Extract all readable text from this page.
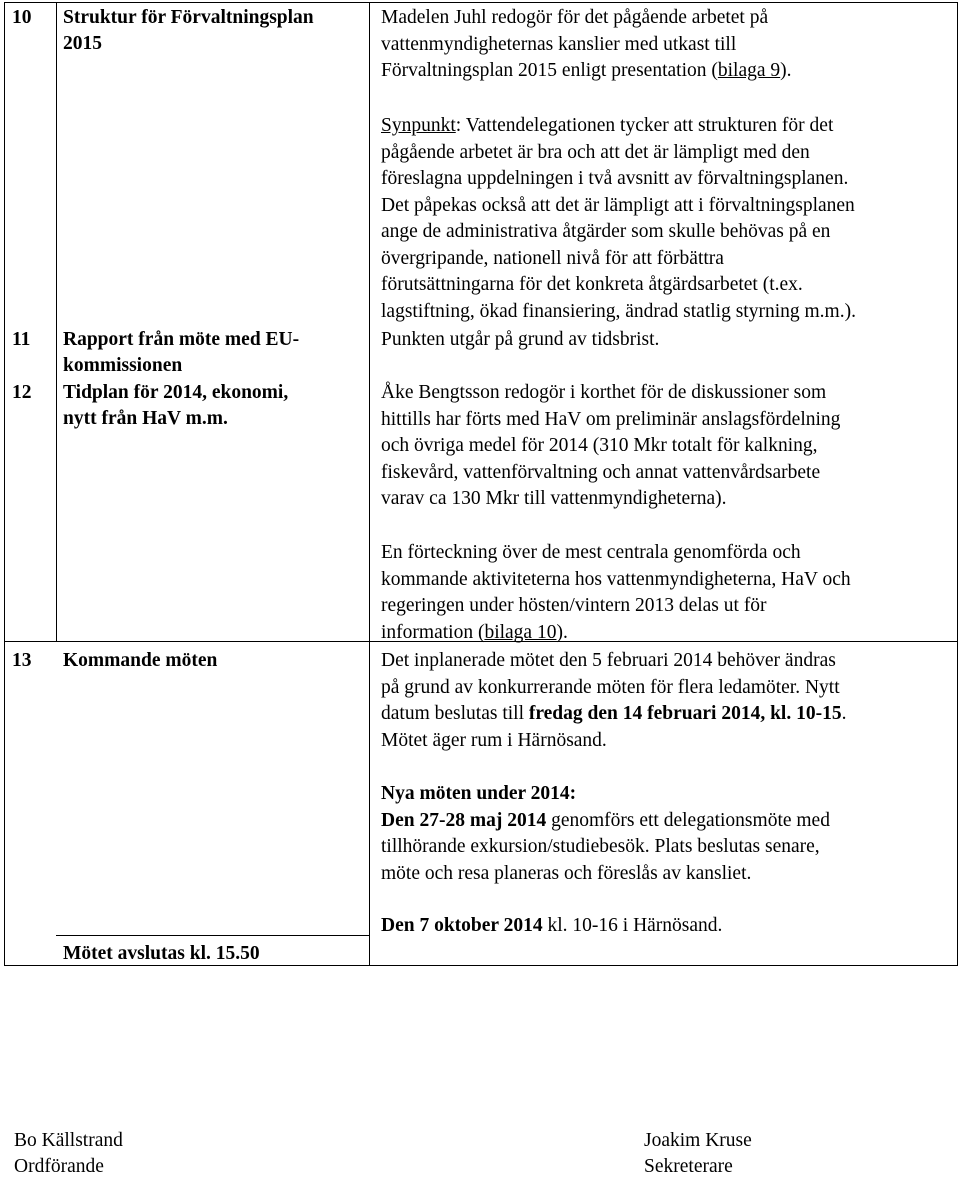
10
11
12
13
Struktur för Förvaltningsplan
2015
Rapport från möte med EU-
kommissionen
Tidplan för 2014, ekonomi,
nytt från HaV m.m.
Kommande möten
Mötet avslutas kl. 15.50
Madelen Juhl redogör för det pågående arbetet på
vattenmyndigheternas kanslier med utkast till
Förvaltningsplan 2015 enligt presentation (bilaga 9).
Synpunkt: Vattendelegationen tycker att strukturen för det
pågående arbetet är bra och att det är lämpligt med den
föreslagna uppdelningen i två avsnitt av förvaltningsplanen.
Det påpekas också att det är lämpligt att i förvaltningsplanen
ange de administrativa åtgärder som skulle behövas på en
övergripande, nationell nivå för att förbättra
förutsättningarna för det konkreta åtgärdsarbetet (t.ex.
lagstiftning, ökad finansiering, ändrad statlig styrning m.m.).
Punkten utgår på grund av tidsbrist.
Åke Bengtsson redogör i korthet för de diskussioner som
hittills har förts med HaV om preliminär anslagsfördelning
och övriga medel för 2014 (310 Mkr totalt för kalkning,
fiskevård, vattenförvaltning och annat vattenvårdsarbete
varav ca 130 Mkr till vattenmyndigheterna).
En förteckning över de mest centrala genomförda och
kommande aktiviteterna hos vattenmyndigheterna, HaV och
regeringen under hösten/vintern 2013 delas ut för
information (bilaga 10).
Det inplanerade mötet den 5 februari 2014 behöver ändras
på grund av konkurrerande möten för flera ledamöter. Nytt
datum beslutas till fredag den 14 februari 2014, kl. 10-15.
Mötet äger rum i Härnösand.
Nya möten under 2014:
Den 27-28 maj 2014 genomförs ett delegationsmöte med
tillhörande exkursion/studiebesök. Plats beslutas senare,
möte och resa planeras och föreslås av kansliet.
Den 7 oktober 2014 kl. 10-16 i Härnösand.
Bo Källstrand
Ordförande
Joakim Kruse
Sekreterare
